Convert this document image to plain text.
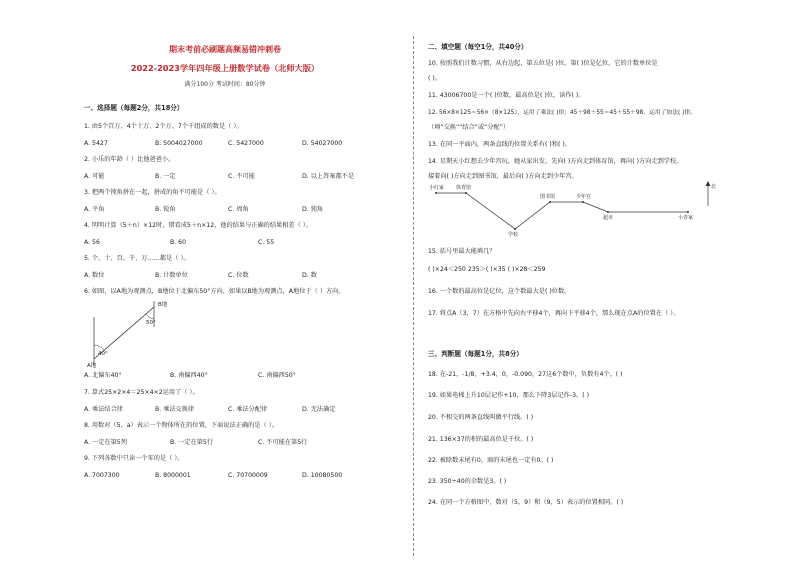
期末考前必刷题高频易错冲刺卷
2022-2023学年四年级上册数学试卷（北师大版）
满分100分 考试时间：80分钟
一、选择题（每题2分，共18分）
1. 由5个百万、4个十万、2个万、7个千组成的数是（ ）。
A. 5427	B. 5004027000	C. 5427000	D. 54027000
2. 小乐的年龄（ ）比他爸爸小。
A. 可能	B. 一定	C. 不可能	D. 以上答案都不是
3. 把两个钝角拼在一起，拼成的角不可能是（ ）。
A. 平角	B. 锐角	C. 周角	D. 钝角
4. 明明计算（5＋n）×12时，错看成5＋n×12，他的结果与正确的结果相差（ ）。
A. 56	B. 60	C. 55
5. 个、十、百、千、万……都是（ ）。
A. 数位	B. 计数单位	C. 位数	D. 数
6. 如图，以A地为观测点，B地位于北偏东50°方向，如果以B地为观测点，A地位于（ ）方向。
B地
50°
40°
A地
A. 北偏东40°	B. 南偏西40°	C. 南偏西50°
7. 算式25×2×4＝25×4×2运用了（ ）。
A. 乘法结合律	B. 乘法交换律	C. 乘法分配律	D. 无法确定
8. 用数对（5，a）表示一个物体所在的位置，下面说法正确的是（ ）。
A. 一定在第5列	B. 一定在第5行	C. 不可能在第5行
9. 下列各数中只读一个零的是（ ）。
A. 7007300	B. 8000001	C. 70700009	D. 10080500
二、填空题（每空1分，共40分）
10. 按照我们计数习惯，从右边起，第五位是( )位，第( )位是亿位，它的计数单位是
( )。
11. 43006700是一个( )位数，最高位是( )位，读作( )。
12. 56×8×125＝56×（8×125），运用了乘法( )律；45＋98＋55＝45＋55＋98，运用了加法( )律。
（填“交换”“结合”或“分配”）
13. 在同一平面内，两条直线的位置关系有( )和( )。
14. 星期天小红想去少年宫玩，她从家出发，先向( )方向走到体育馆，再向( )方向走到学校，
接着向( )方向走到图书馆，最后向( )方向走到少年宫。
小红家 体育馆
学校
图书馆	少年宫
超市	小青家
北
15. 括号里最大能填几？
( )×24＜250 235＞( )×35 ( )×28＜259
16. 一个数的最高位是亿位，这个数最大是( )位数。
17. 将点A（3，7）在方格中先向右平移4个，再向下平移4个，那么现在点A的位置在（ ）。
三、判断题（每题1分，共8分）
18. 在-21，-1/8，+3.4，0，-0.090，27这6个数中，负数有4个。( )
19. 如果电梯上升10层记作+10，那么下降3层记作-3。( )
20. 不相交的两条直线叫做平行线。( )
21. 136×37的积的最高位是千位。( )
22. 被除数末尾有0，商的末尾也一定有0。( )
23. 350÷40的余数是3。( )
24. 在同一个方格图中，数对（5，9）和（9，5）表示的位置相同。( )
